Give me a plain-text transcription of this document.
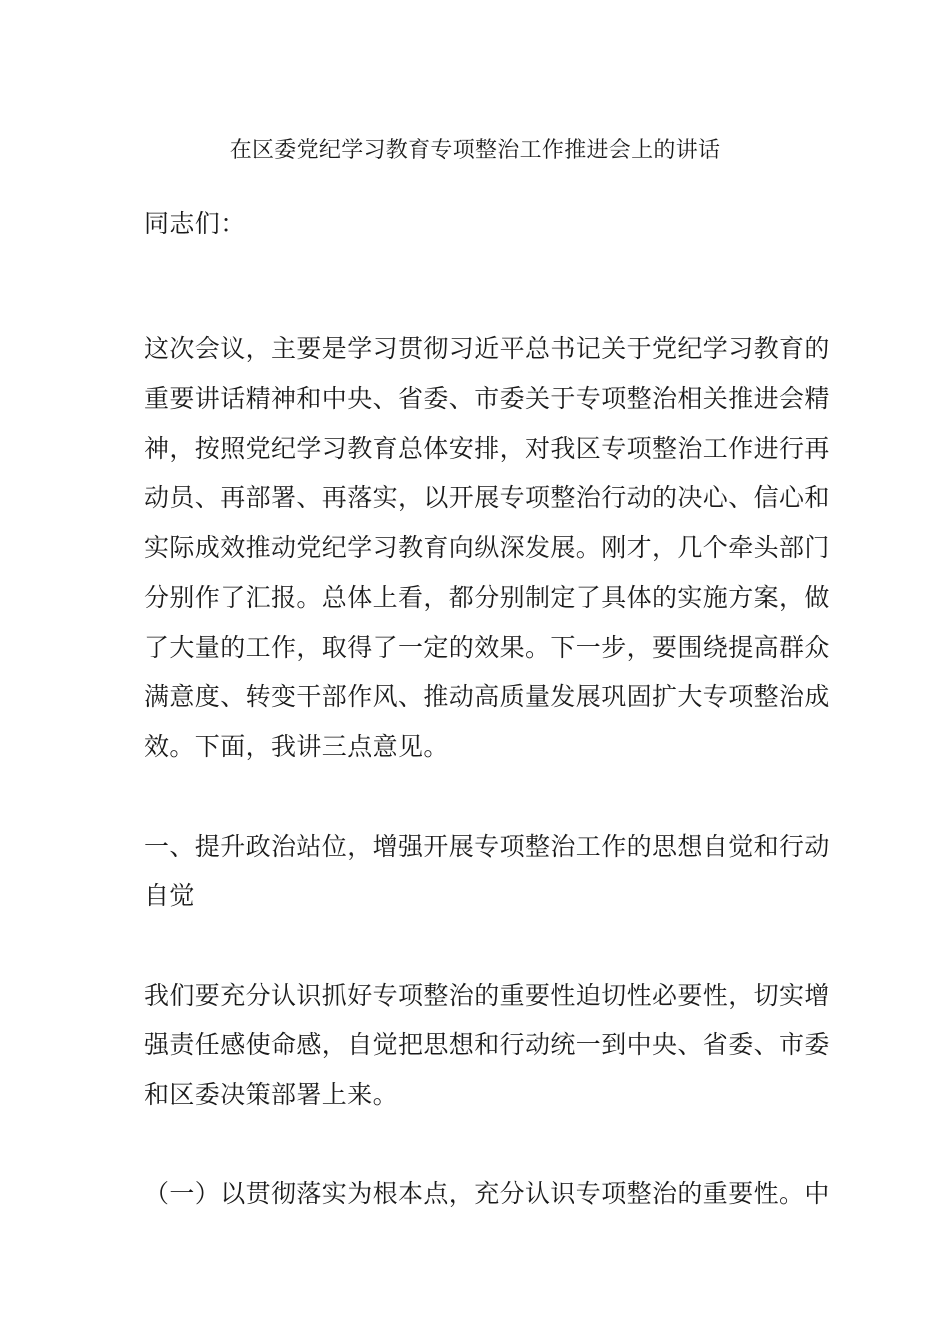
在区委党纪学习教育专项整治工作推进会上的讲话
同志们：
这次会议，主要是学习贯彻习近平总书记关于党纪学习教育的
重要讲话精神和中央、省委、市委关于专项整治相关推进会精
神，按照党纪学习教育总体安排，对我区专项整治工作进行再
动员、再部署、再落实，以开展专项整治行动的决心、信心和
实际成效推动党纪学习教育向纵深发展。刚才，几个牵头部门
分别作了汇报。总体上看，都分别制定了具体的实施方案，做
了大量的工作，取得了一定的效果。下一步，要围绕提高群众
满意度、转变干部作风、推动高质量发展巩固扩大专项整治成
效。下面，我讲三点意见。
一、提升政治站位，增强开展专项整治工作的思想自觉和行动
自觉
我们要充分认识抓好专项整治的重要性迫切性必要性，切实增
强责任感使命感，自觉把思想和行动统一到中央、省委、市委
和区委决策部署上来。
（一）以贯彻落实为根本点，充分认识专项整治的重要性。中
